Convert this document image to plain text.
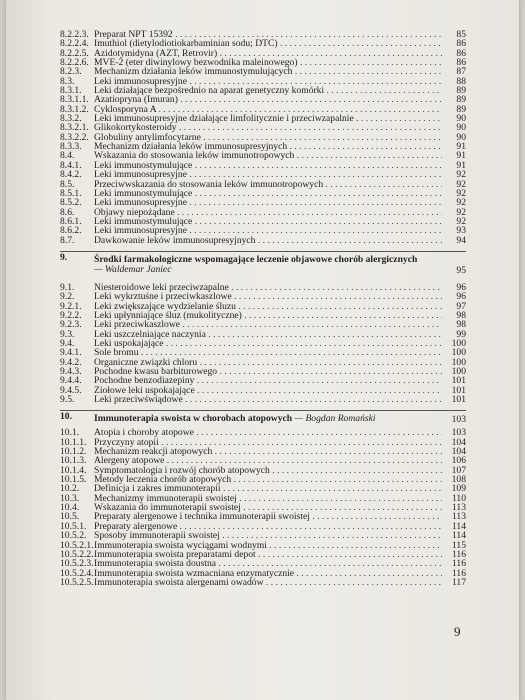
8.2.2.3. Preparat NPT 15392 . . .	85
8.2.2.4. Imuthiol (dietylodiotiokarbaminian sodu; DTC) . . .	86
8.2.2.5. Azidotymidyna (AZT, Retrovir) . . .	86
8.2.2.6. MVE-2 (eter diwinylowy bezwodnika maleinowego) . . .	86
8.2.3. Mechanizm działania leków immunostymulujących . . .	87
8.3. Leki immunosupresyjne . . .	88
8.3.1. Leki działające bezpośrednio na aparat genetyczny komórki . . .	89
8.3.1.1. Azatiopryna (Imuran) . . .	89
8.3.1.2. Cyklosporyna A . . .	89
8.3.2. Leki immunosupresyjne działające limfolitycznie i przeciwzapalnie . . .	90
8.3.2.1. Glikokortykosteroidy . . .	90
8.3.2.2. Globuliny antylimfocytarne . . .	90
8.3.3. Mechanizm działania leków immunosupresyjnych . . .	91
8.4. Wskazania do stosowania leków immunotropowych . . .	91
8.4.1. Leki immunostymulujące . . .	91
8.4.2. Leki immunosupresyjne . . .	92
8.5. Przeciwwskazania do stosowania leków immunotropowych . . .	92
8.5.1. Leki immunostymulujące . . .	92
8.5.2. Leki immunosupresyjne . . .	92
8.6. Objawy niepożądane . . .	92
8.6.1. Leki immunostymulujące . . .	92
8.6.2. Leki immunosupresyjne . . .	93
8.7. Dawkowanie leków immunosupresyjnych . . .	94
9.	Środki farmakologiczne wspomagające leczenie objawowe chorób alergicznych
— Waldemar Janiec	95
9.1. Niesteroidowe leki przeciwzapalne . . .	96
9.2. Leki wykrztuśne i przeciwkaszlowe . . .	96
9.2.1. Leki zwiększające wydzielanie śluzu . . .	97
9.2.2. Leki upłynniające śluz (mukolityczne) . . .	98
9.2.3. Leki przeciwkaszlowe . . .	98
9.3. Leki uszczelniające naczynia . . .	99
9.4. Leki uspokajające . . .	100
9.4.1. Sole bromu . . .	100
9.4.2. Organiczne związki chloru . . .	100
9.4.3. Pochodne kwasu barbiturowego . . .	100
9.4.4. Pochodne benzodiazepiny . . .	101
9.4.5. Ziołowe leki uspokajające . . .	101
9.5. Leki przeciwświądowe . . .	101
10.	Immunoterapia swoista w chorobach atopowych — Bogdan Romański	103
10.1. Atopia i choroby atopowe . . .	103
10.1.1. Przyczyny atopii . . .	104
10.1.2. Mechanizm reakcji atopowych . . .	104
10.1.3. Alergeny atopowe . . .	106
10.1.4. Symptomatologia i rozwój chorób atopowych . . .	107
10.1.5. Metody leczenia chorób atopowych . . .	108
10.2. Definicja i zakres immunoterapii . . .	109
10.3. Mechanizmy immunoterapii swoistej . . .	110
10.4. Wskazania do immunoterapii swoistej . . .	113
10.5. Preparaty alergenowe i technika immunoterapii swoistej . . .	113
10.5.1. Preparaty alergenowe . . .	114
10.5.2. Sposoby immunoterapii swoistej . . .	114
10.5.2.1. Immunoterapia swoista wyciągami wodnymi . . .	115
10.5.2.2. Immunoterapia swoista preparatami depot . . .	116
10.5.2.3. Immunoterapia swoista doustna . . .	116
10.5.2.4. Immunoterapia swoista wzmacniana enzymatycznie . . .	116
10.5.2.5. Immunoterapia swoista alergenami owadów . . .	117
9
